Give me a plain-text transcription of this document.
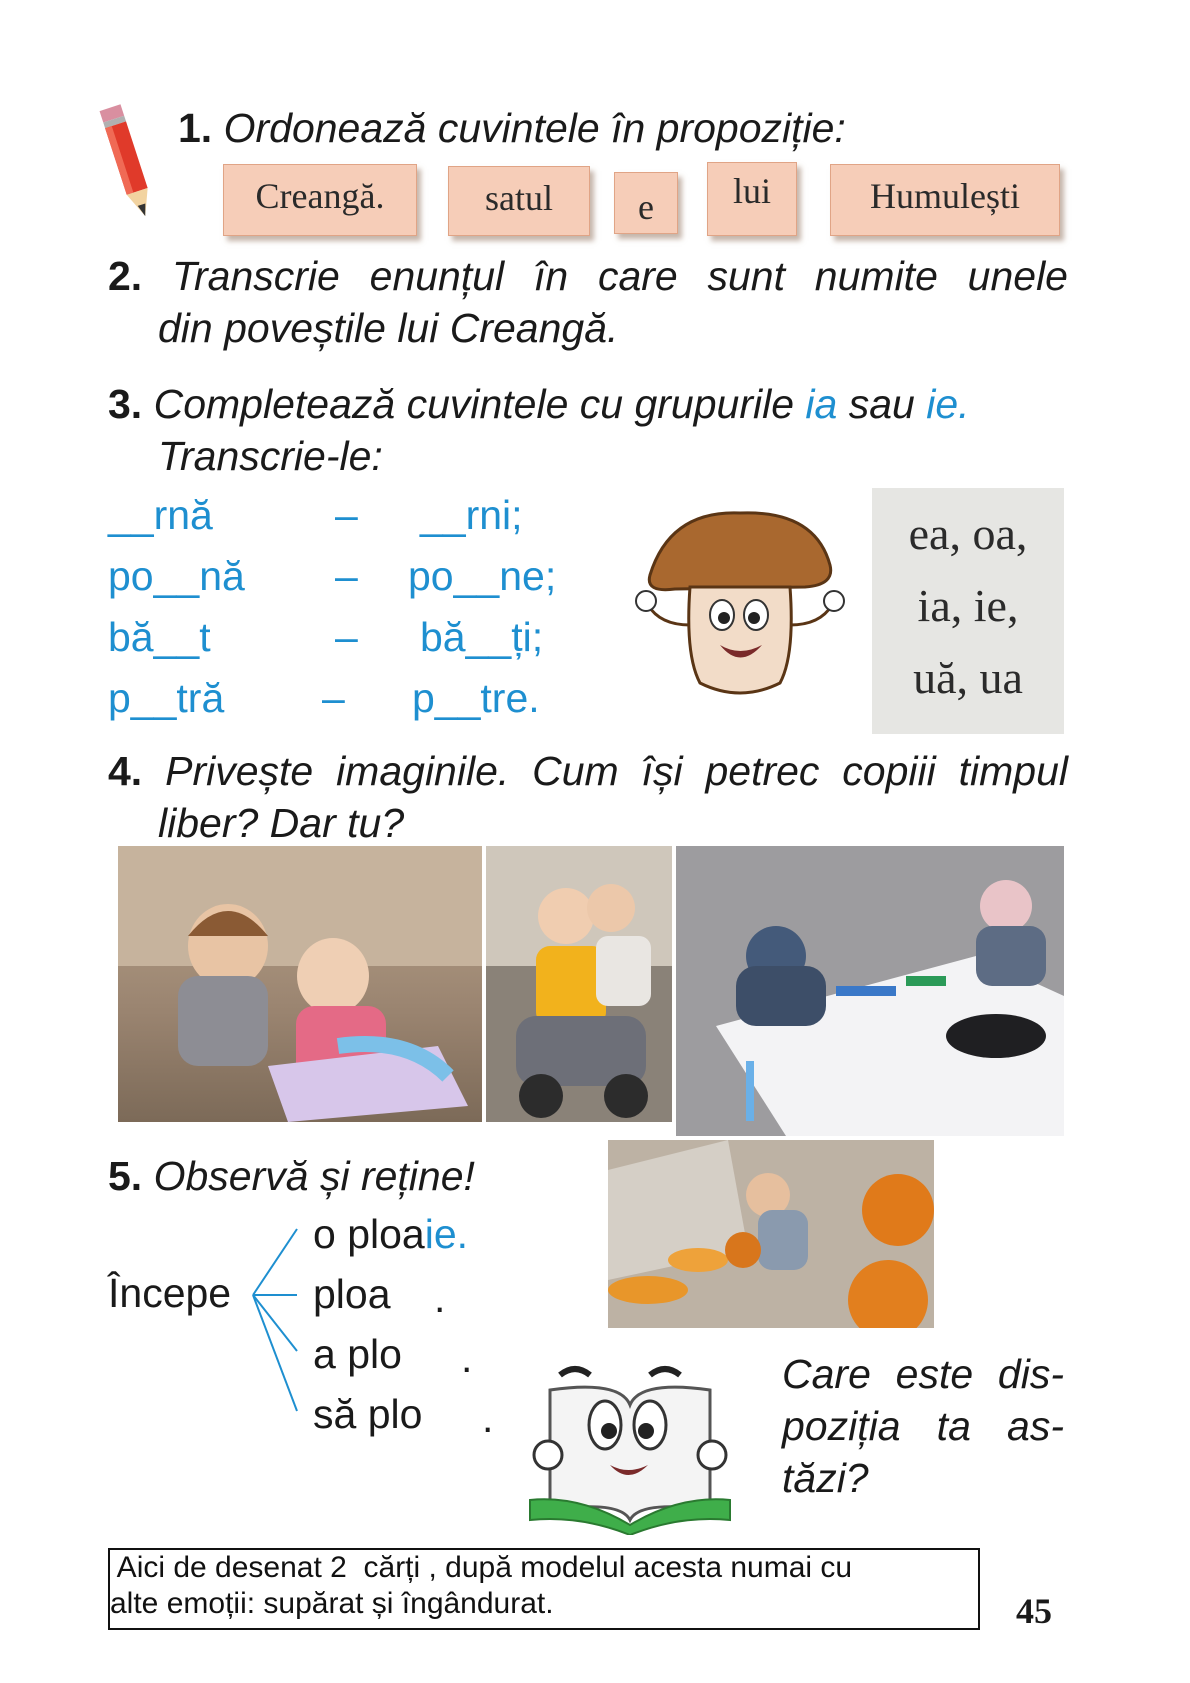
1. Ordonează cuvintele în propoziție:
Creangă.	satul	e	lui	Humulești
2. Transcrie enunțul în care sunt numite unele
din poveștile lui Creangă.
3. Completează cuvintele cu grupurile ia sau ie.
Transcrie-le:
__rnă	– __rni;
po__nă – po__ne;
bă__t	– bă__ți;
p__tră – p__tre.
ea, oa,
ia, ie,
uă, ua
4. Privește imaginile. Cum își petrec copiii timpul
liber? Dar tu?
5. Observă și reține!
Începe
o ploaie.
ploa .
a plo .
să plo .
Care este dis-
poziția ta as-
tăzi?
Aici de desenat 2  cărți , după modelul acesta numai cu
alte emoții: supărat și îngândurat.	45
